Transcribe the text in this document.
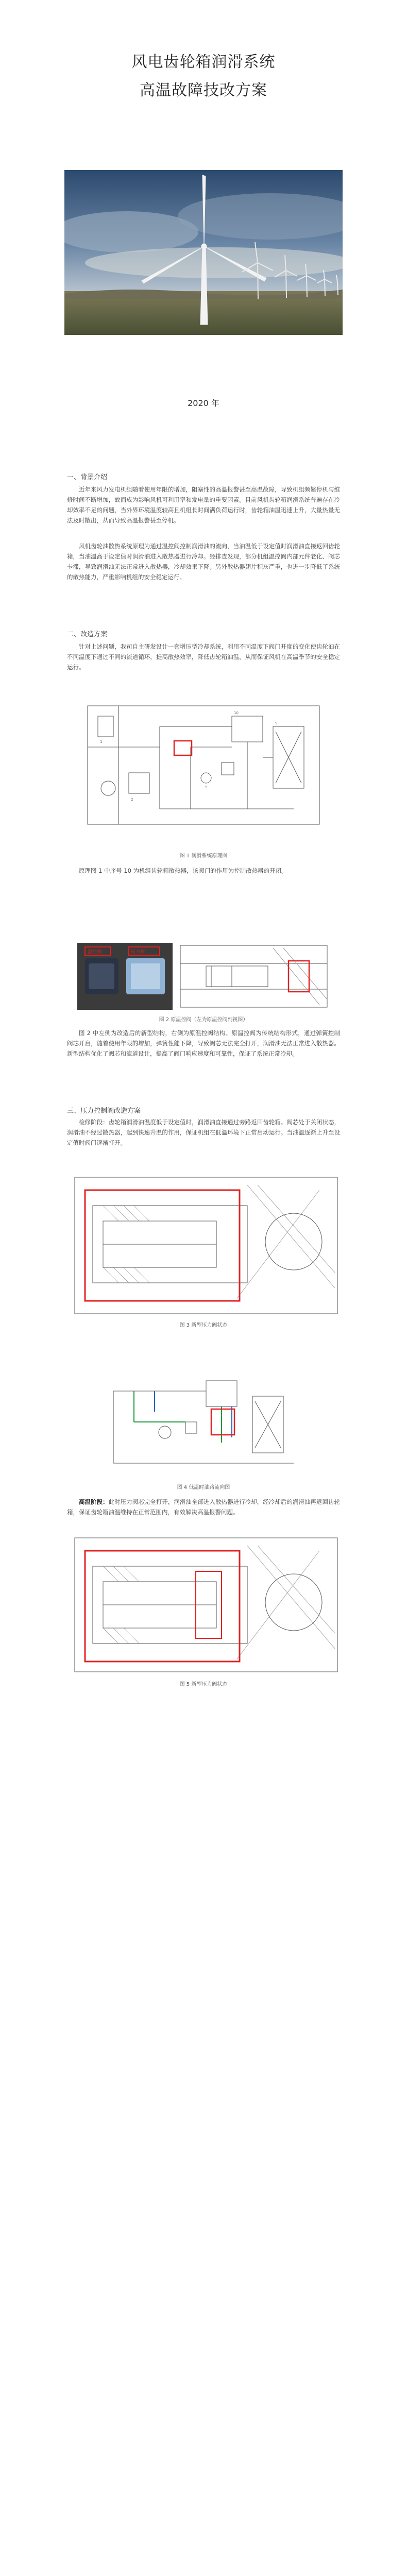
风电齿轮箱润滑系统
高温故障技改方案
2020 年
一、背景介绍
近年来风力发电机组随着使用年限的增加，阻塞性的高温报警甚至高温故障，导致机组频繁停机与维修时间不断增加，故而成为影响风机可利用率和发电量的重要因素。目前风机齿轮箱润滑系统普遍存在冷却效率不足的问题，当外界环境温度较高且机组长时间满负荷运行时，齿轮箱油温迅速上升，大量热量无法及时散出，从而导致高温报警甚至停机。
风机齿轮油散热系统原理为通过温控阀控制润滑油的流向，当油温低于设定值时润滑油直接返回齿轮箱，当油温高于设定值时润滑油进入散热器进行冷却。经排查发现，部分机组温控阀内部元件老化、阀芯卡滞，导致润滑油无法正常进入散热器，冷却效果下降。另外散热器翅片积灰严重，也进一步降低了系统的散热能力，严重影响机组的安全稳定运行。
二、改造方案
针对上述问题，我司自主研发设计一套增压型冷却系统，利用不同温度下阀门开度的变化使齿轮油在不同温度下通过不同的流道循环，提高散热效率，降低齿轮箱油温，从而保证风机在高温季节的安全稳定运行。
1
2
10
9
5
图 1 润滑系统原理图
原理图 1 中序号 10 为机组齿轮箱散热器，该阀门的作用为控制散热器的开闭。
温控阀	压力阀
图 2 原温控阀（左为原温控阀剖视图）
图 2 中左侧为改造后的新型结构，右侧为原温控阀结构。原温控阀为传统结构形式，通过弹簧控制阀芯开启，随着使用年限的增加，弹簧性能下降，导致阀芯无法完全打开，润滑油无法正常进入散热器。新型结构优化了阀芯和流道设计，提高了阀门响应速度和可靠性，保证了系统正常冷却。
三、压力控制阀改造方案
检修阶段：齿轮箱润滑油温度低于设定值时，润滑油直接通过旁路返回齿轮箱。阀芯处于关闭状态，润滑油不经过散热器，起到快速升温的作用，保证机组在低温环境下正常启动运行。当油温逐渐上升至设定值时阀门逐渐打开。
图 3 新型压力阀状态
图 4 低温时油路流向图
高温阶段：此时压力阀芯完全打开，润滑油全部进入散热器进行冷却，经冷却后的润滑油再返回齿轮箱，保证齿轮箱油温维持在正常范围内，有效解决高温报警问题。
图 5 新型压力阀状态
